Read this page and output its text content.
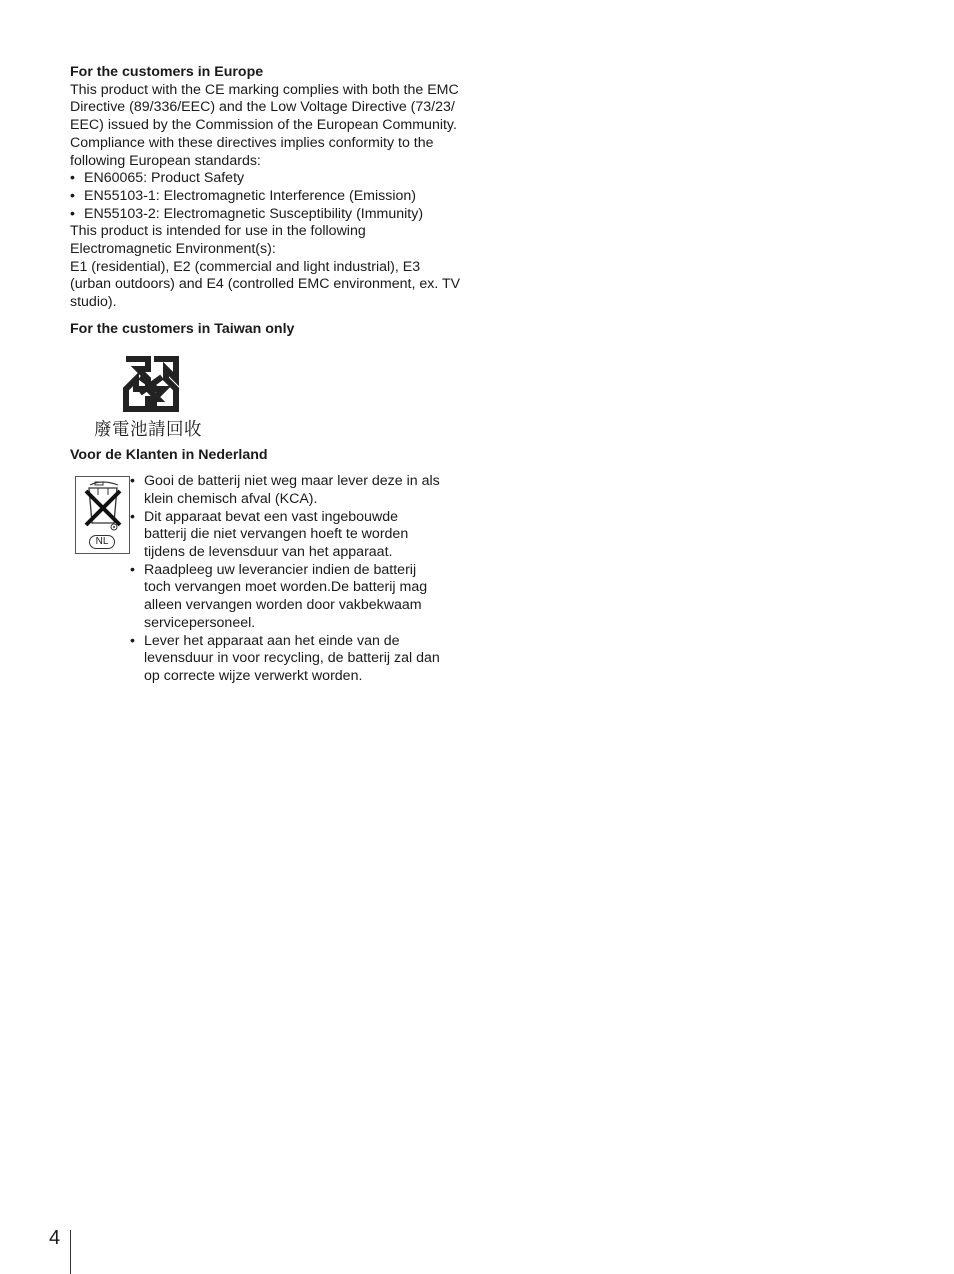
For the customers in Europe

This product with the CE marking complies with both the EMC
Directive (89/336/EEC) and the Low Voltage Directive (73/23/
EEC) issued by the Commission of the European Community.
Compliance with these directives implies conformity to the
following European standards:
• EN60065: Product Safety
• EN55103-1: Electromagnetic Interference (Emission)
• EN55103-2: Electromagnetic Susceptibility (Immunity)
This product is intended for use in the following
Electromagnetic Environment(s):
E1 (residential), E2 (commercial and light industrial), E3
(urban outdoors) and E4 (controlled EMC environment, ex. TV
studio).

For the customers in Taiwan only

廢電池請回收

Voor de Klanten in Nederland

NL
• Gooi de batterij niet weg maar lever deze in als
klein chemisch afval (KCA).
• Dit apparaat bevat een vast ingebouwde
batterij die niet vervangen hoeft te worden
tijdens de levensduur van het apparaat.
• Raadpleeg uw leverancier indien de batterij
toch vervangen moet worden.De batterij mag
alleen vervangen worden door vakbekwaam
servicepersoneel.
• Lever het apparaat aan het einde van de
levensduur in voor recycling, de batterij zal dan
op correcte wijze verwerkt worden.
4
